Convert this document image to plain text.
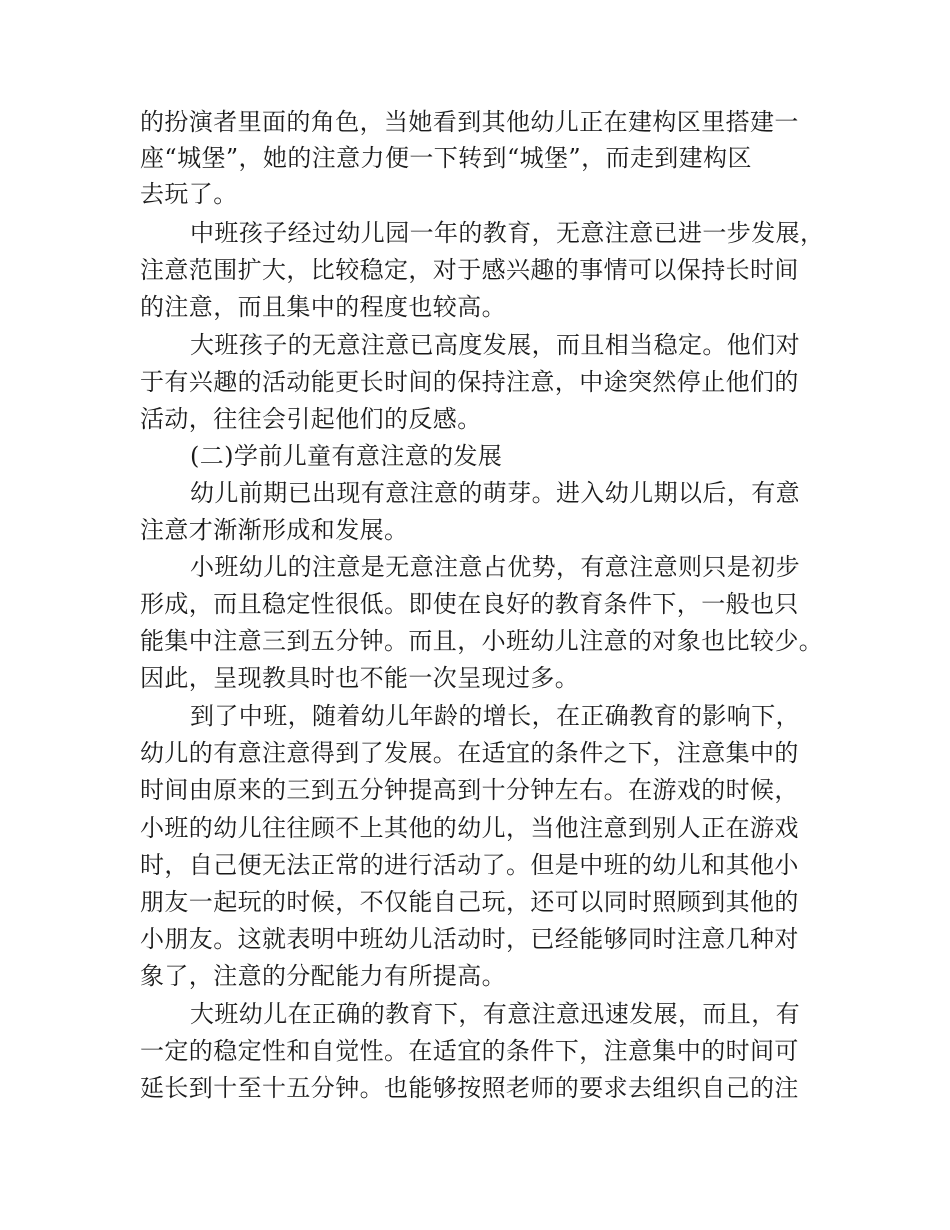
的扮演者里面的角色，当她看到其他幼儿正在建构区里搭建一
座“城堡”，她的注意力便一下转到“城堡”，而走到建构区
去玩了。
中班孩子经过幼儿园一年的教育，无意注意已进一步发展，
注意范围扩大，比较稳定，对于感兴趣的事情可以保持长时间
的注意，而且集中的程度也较高。
大班孩子的无意注意已高度发展，而且相当稳定。他们对
于有兴趣的活动能更长时间的保持注意，中途突然停止他们的
活动，往往会引起他们的反感。
(二)学前儿童有意注意的发展
幼儿前期已出现有意注意的萌芽。进入幼儿期以后，有意
注意才渐渐形成和发展。
小班幼儿的注意是无意注意占优势，有意注意则只是初步
形成，而且稳定性很低。即使在良好的教育条件下，一般也只
能集中注意三到五分钟。而且，小班幼儿注意的对象也比较少。
因此，呈现教具时也不能一次呈现过多。
到了中班，随着幼儿年龄的增长，在正确教育的影响下，
幼儿的有意注意得到了发展。在适宜的条件之下，注意集中的
时间由原来的三到五分钟提高到十分钟左右。在游戏的时候，
小班的幼儿往往顾不上其他的幼儿，当他注意到别人正在游戏
时，自己便无法正常的进行活动了。但是中班的幼儿和其他小
朋友一起玩的时候，不仅能自己玩，还可以同时照顾到其他的
小朋友。这就表明中班幼儿活动时，已经能够同时注意几种对
象了，注意的分配能力有所提高。
大班幼儿在正确的教育下，有意注意迅速发展，而且，有
一定的稳定性和自觉性。在适宜的条件下，注意集中的时间可
延长到十至十五分钟。也能够按照老师的要求去组织自己的注
